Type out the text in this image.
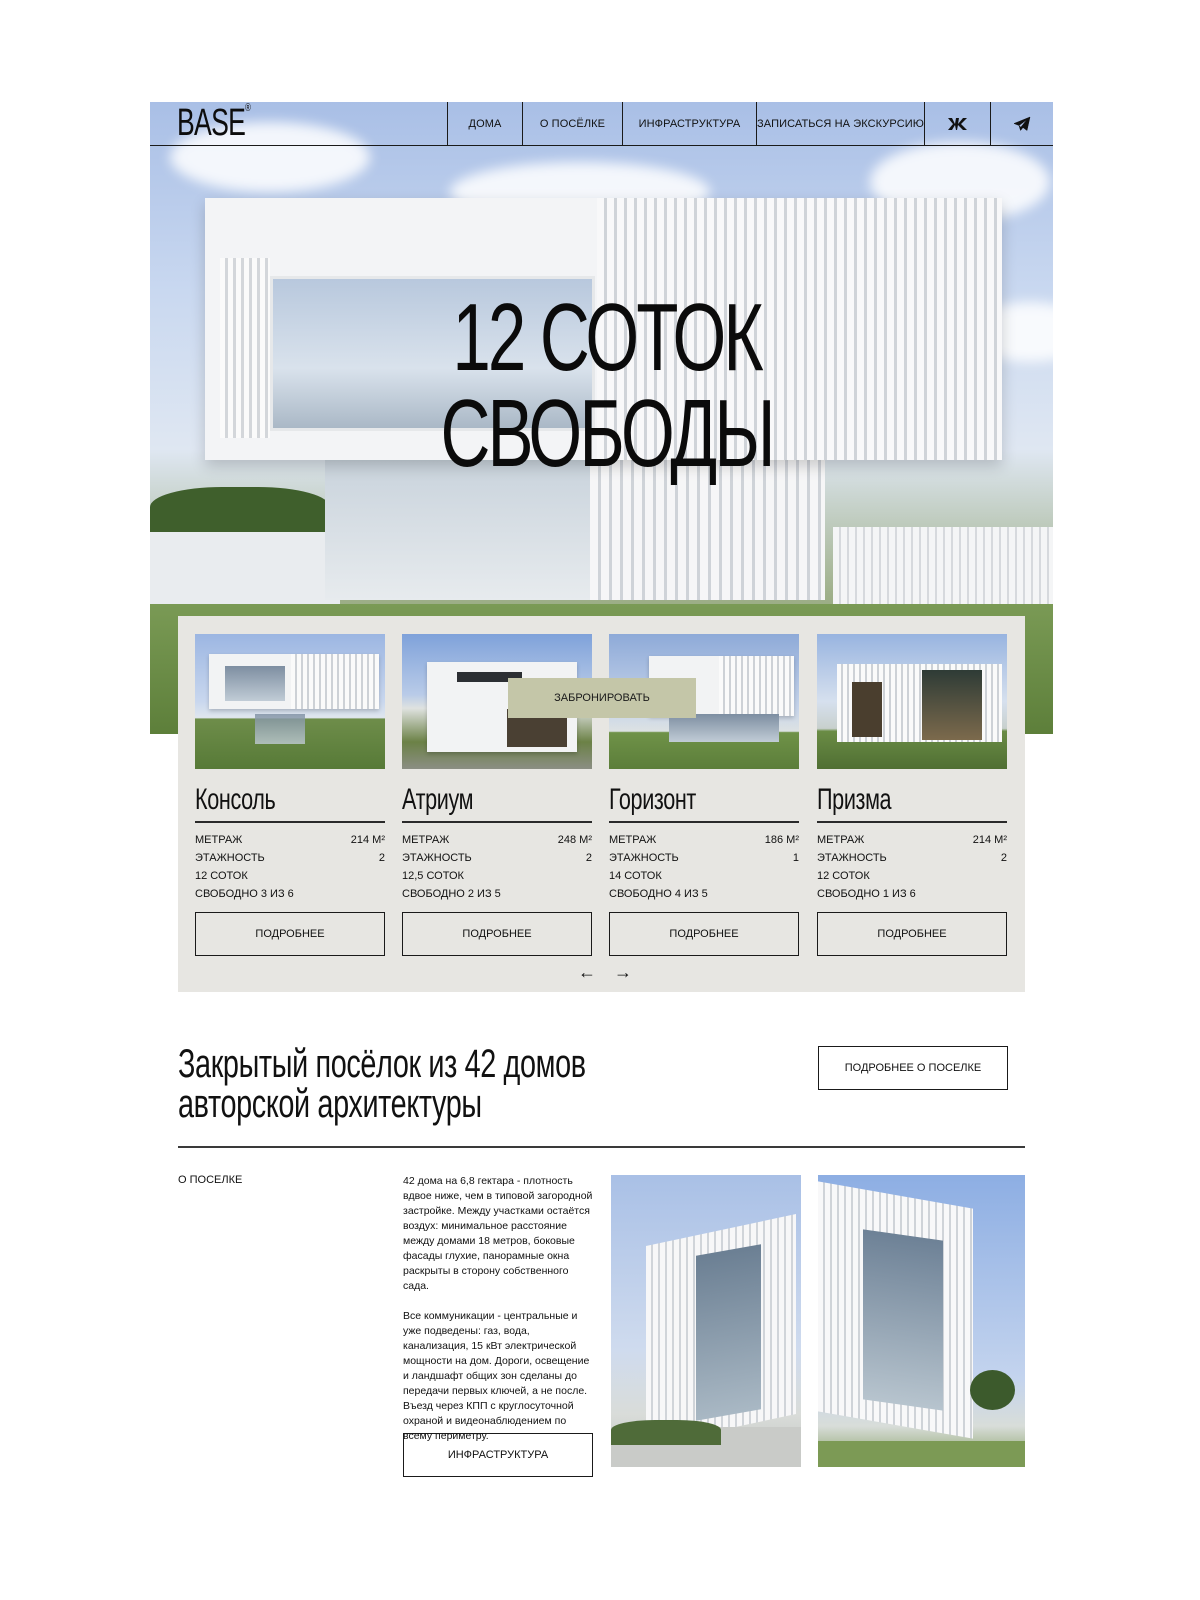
12 СОТОК СВОБОДЫ
BASE®
ДОМА	О ПОСЁЛКЕ	ИНФРАСТРУКТУРА	ЗАПИСАТЬСЯ НА ЭКСКУРСИЮ
Консоль
МЕТРАЖ	214 М²
ЭТАЖНОСТЬ	2
12 СОТОК
СВОБОДНО 3 ИЗ 6
ПОДРОБНЕЕ
Атриум
МЕТРАЖ	248 М²
ЭТАЖНОСТЬ	2
12,5 СОТОК
СВОБОДНО 2 ИЗ 5
ПОДРОБНЕЕ
Горизонт
МЕТРАЖ	186 М²
ЭТАЖНОСТЬ	1
14 СОТОК
СВОБОДНО 4 ИЗ 5
ПОДРОБНЕЕ
Призма
МЕТРАЖ	214 М²
ЭТАЖНОСТЬ	2
12 СОТОК
СВОБОДНО 1 ИЗ 6
ПОДРОБНЕЕ
← →
ЗАБРОНИРОВАТЬ
Закрытый посёлок из 42 домов
авторской архитектуры
ПОДРОБНЕЕ О ПОСЕЛКЕ
О ПОСЕЛКЕ	42 дома на 6,8 гектара - плотность вдвое ниже, чем в типовой загородной застройке. Между участками остаётся воздух: минимальное расстояние между домами 18 метров, боковые фасады глухие, панорамные окна раскрыты в сторону собственного сада.

Все коммуникации - центральные и уже подведены: газ, вода, канализация, 15 кВт электрической мощности на дом. Дороги, освещение и ландшафт общих зон сделаны до передачи первых ключей, а не после. Въезд через КПП с круглосуточной охраной и видеонаблюдением по всему периметру.

ИНФРАСТРУКТУРА
